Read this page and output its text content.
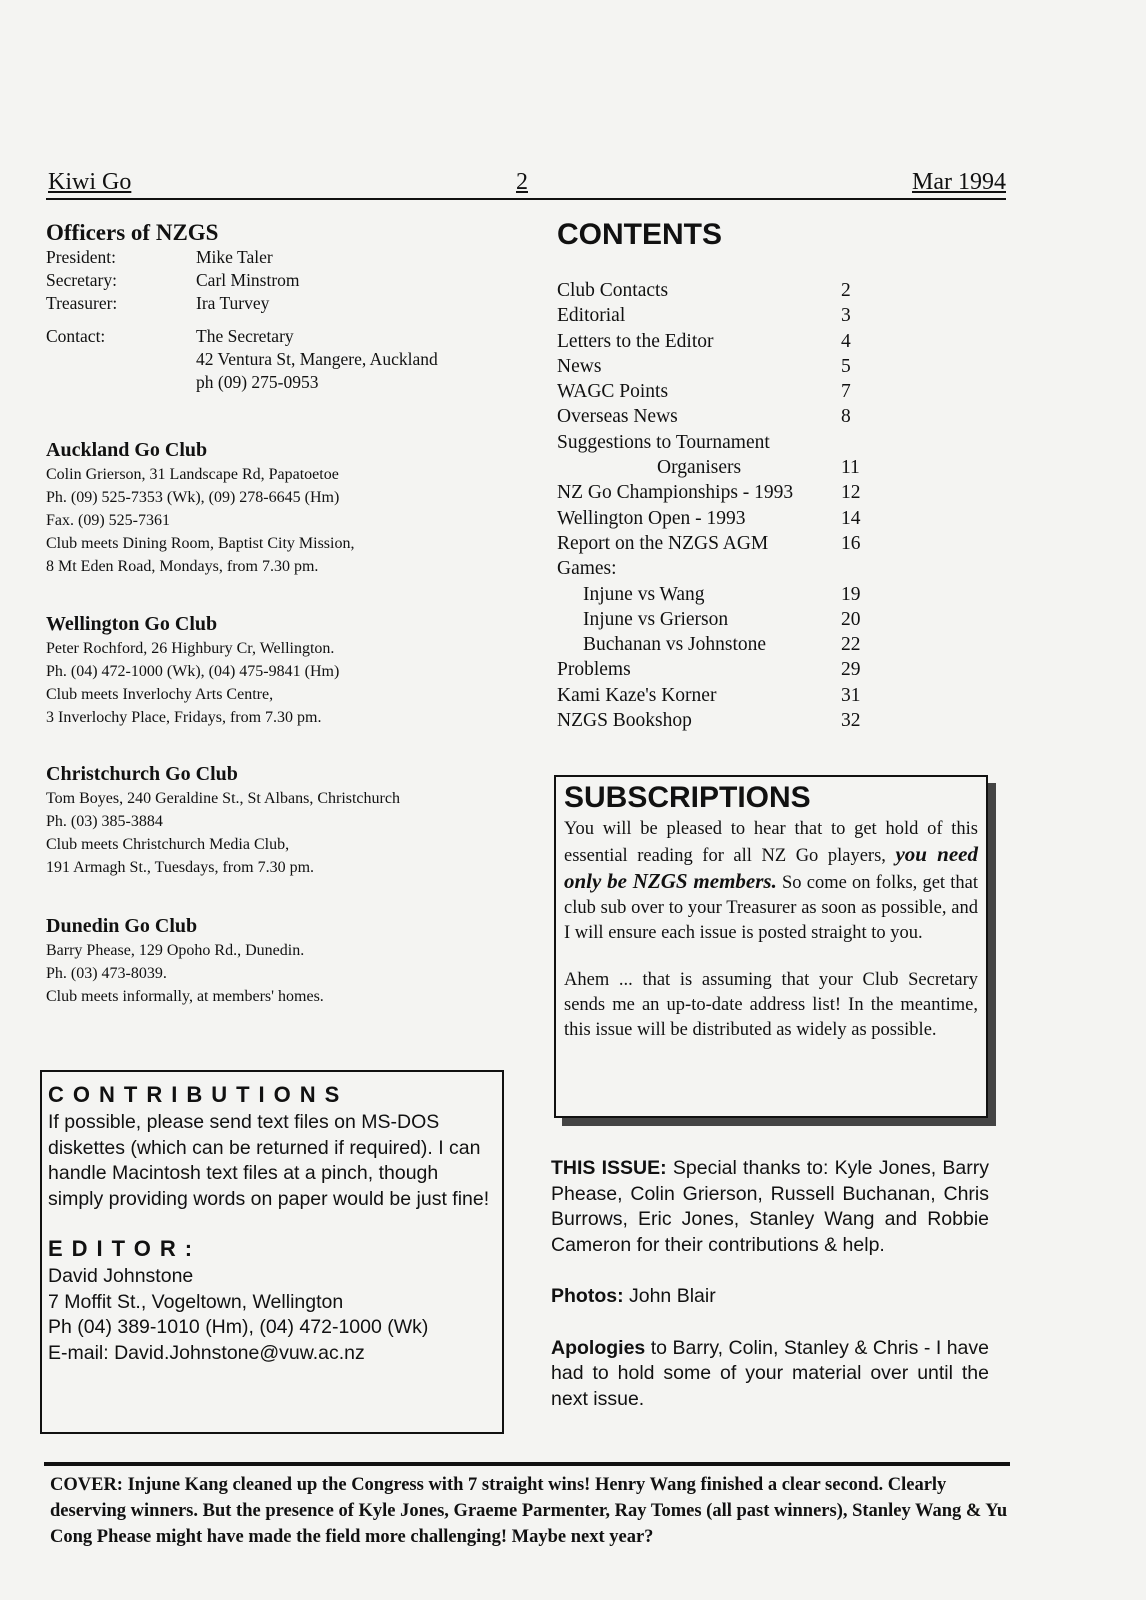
Kiwi Go	2	Mar 1994
Officers of NZGS
President:	Mike Taler
Secretary:	Carl Minstrom
Treasurer:	Ira Turvey
Contact:	The Secretary
42 Ventura St, Mangere, Auckland
ph (09) 275-0953
Auckland Go Club
Colin Grierson, 31 Landscape Rd, Papatoetoe
Ph. (09) 525-7353 (Wk), (09) 278-6645 (Hm)
Fax. (09) 525-7361
Club meets Dining Room, Baptist City Mission,
8 Mt Eden Road, Mondays, from 7.30 pm.
Wellington Go Club
Peter Rochford, 26 Highbury Cr, Wellington.
Ph. (04) 472-1000 (Wk), (04) 475-9841 (Hm)
Club meets Inverlochy Arts Centre,
3 Inverlochy Place, Fridays, from 7.30 pm.
Christchurch Go Club
Tom Boyes, 240 Geraldine St., St Albans, Christchurch
Ph. (03) 385-3884
Club meets Christchurch Media Club,
191 Armagh St., Tuesdays, from 7.30 pm.
Dunedin Go Club
Barry Phease, 129 Opoho Rd., Dunedin.
Ph. (03) 473-8039.
Club meets informally, at members' homes.
CONTENTS
Club Contacts	2
Editorial	3
Letters to the Editor	4
News	5
WAGC Points	7
Overseas News	8
Suggestions to Tournament
Organisers	11
NZ Go Championships - 1993	12
Wellington Open - 1993	14
Report on the NZGS AGM	16
Games:
Injune vs Wang	19
Injune vs Grierson	20
Buchanan vs Johnstone	22
Problems	29
Kami Kaze's Korner	31
NZGS Bookshop	32
SUBSCRIPTIONS

You will be pleased to hear that to get hold of this essential reading for all NZ Go players, you need only be NZGS members. So come on folks, get that club sub over to your Treasurer as soon as possible, and I will ensure each issue is posted straight to you.

Ahem ... that is assuming that your Club Secretary sends me an up-to-date address list! In the meantime, this issue will be distributed as widely as possible.

CONTRIBUTIONS

If possible, please send text files on MS-DOS diskettes (which can be returned if required). I can handle Macintosh text files at a pinch, though simply providing words on paper would be just fine!

EDITOR:

David Johnstone

7 Moffit St., Vogeltown, Wellington

Ph (04) 389-1010 (Hm), (04) 472-1000 (Wk)

E-mail: David.Johnstone@vuw.ac.nz

THIS ISSUE: Special thanks to: Kyle Jones, Barry Phease, Colin Grierson, Russell Buchanan, Chris Burrows, Eric Jones, Stanley Wang and Robbie Cameron for their contributions & help.

Photos: John Blair

Apologies to Barry, Colin, Stanley & Chris - I have had to hold some of your material over until the next issue.

COVER: Injune Kang cleaned up the Congress with 7 straight wins! Henry Wang finished a clear second. Clearly deserving winners. But the presence of Kyle Jones, Graeme Parmenter, Ray Tomes (all past winners), Stanley Wang & Yu Cong Phease might have made the field more challenging! Maybe next year?
